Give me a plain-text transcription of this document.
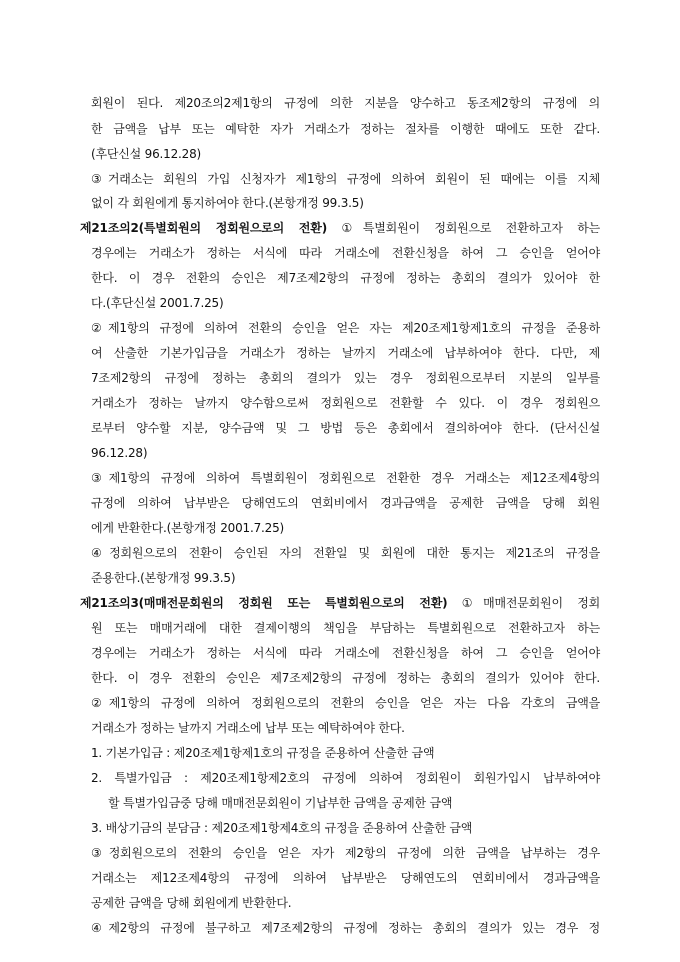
회원이 된다. 제20조의2제1항의 규정에 의한 지분을 양수하고 동조제2항의 규정에 의
한 금액을 납부 또는 예탁한 자가 거래소가 정하는 절차를 이행한 때에도 또한 같다.
(후단신설 96.12.28)
③거래소는 회원의 가입 신청자가 제1항의 규정에 의하여 회원이 된 때에는 이를 지체
없이 각 회원에게 통지하여야 한다.(본항개정 99.3.5)
제21조의2(특별회원의 정회원으로의 전환) ①특별회원이 정회원으로 전환하고자 하는
경우에는 거래소가 정하는 서식에 따라 거래소에 전환신청을 하여 그 승인을 얻어야
한다. 이 경우 전환의 승인은 제7조제2항의 규정에 정하는 총회의 결의가 있어야 한
다.(후단신설 2001.7.25)
②제1항의 규정에 의하여 전환의 승인을 얻은 자는 제20조제1항제1호의 규정을 준용하
여 산출한 기본가입금을 거래소가 정하는 날까지 거래소에 납부하여야 한다. 다만, 제
7조제2항의 규정에 정하는 총회의 결의가 있는 경우 정회원으로부터 지분의 일부를
거래소가 정하는 날까지 양수함으로써 정회원으로 전환할 수 있다. 이 경우 정회원으
로부터 양수할 지분, 양수금액 및 그 방법 등은 총회에서 결의하여야 한다. (단서신설
96.12.28)
③제1항의 규정에 의하여 특별회원이 정회원으로 전환한 경우 거래소는 제12조제4항의
규정에 의하여 납부받은 당해연도의 연회비에서 경과금액을 공제한 금액을 당해 회원
에게 반환한다.(본항개정 2001.7.25)
④정회원으로의 전환이 승인된 자의 전환일 및 회원에 대한 통지는 제21조의 규정을
준용한다.(본항개정 99.3.5)
제21조의3(매매전문회원의 정회원 또는 특별회원으로의 전환) ①매매전문회원이 정회
원 또는 매매거래에 대한 결제이행의 책임을 부담하는 특별회원으로 전환하고자 하는
경우에는 거래소가 정하는 서식에 따라 거래소에 전환신청을 하여 그 승인을 얻어야
한다. 이 경우 전환의 승인은 제7조제2항의 규정에 정하는 총회의 결의가 있어야 한다.
②제1항의 규정에 의하여 정회원으로의 전환의 승인을 얻은 자는 다음 각호의 금액을
거래소가 정하는 날까지 거래소에 납부 또는 예탁하여야 한다.
1. 기본가입금 : 제20조제1항제1호의 규정을 준용하여 산출한 금액
2. 특별가입금 : 제20조제1항제2호의 규정에 의하여 정회원이 회원가입시 납부하여야
할 특별가입금중 당해 매매전문회원이 기납부한 금액을 공제한 금액
3. 배상기금의 분담금 : 제20조제1항제4호의 규정을 준용하여 산출한 금액
③정회원으로의 전환의 승인을 얻은 자가 제2항의 규정에 의한 금액을 납부하는 경우
거래소는 제12조제4항의 규정에 의하여 납부받은 당해연도의 연회비에서 경과금액을
공제한 금액을 당해 회원에게 반환한다.
④제2항의 규정에 불구하고 제7조제2항의 규정에 정하는 총회의 결의가 있는 경우 정
